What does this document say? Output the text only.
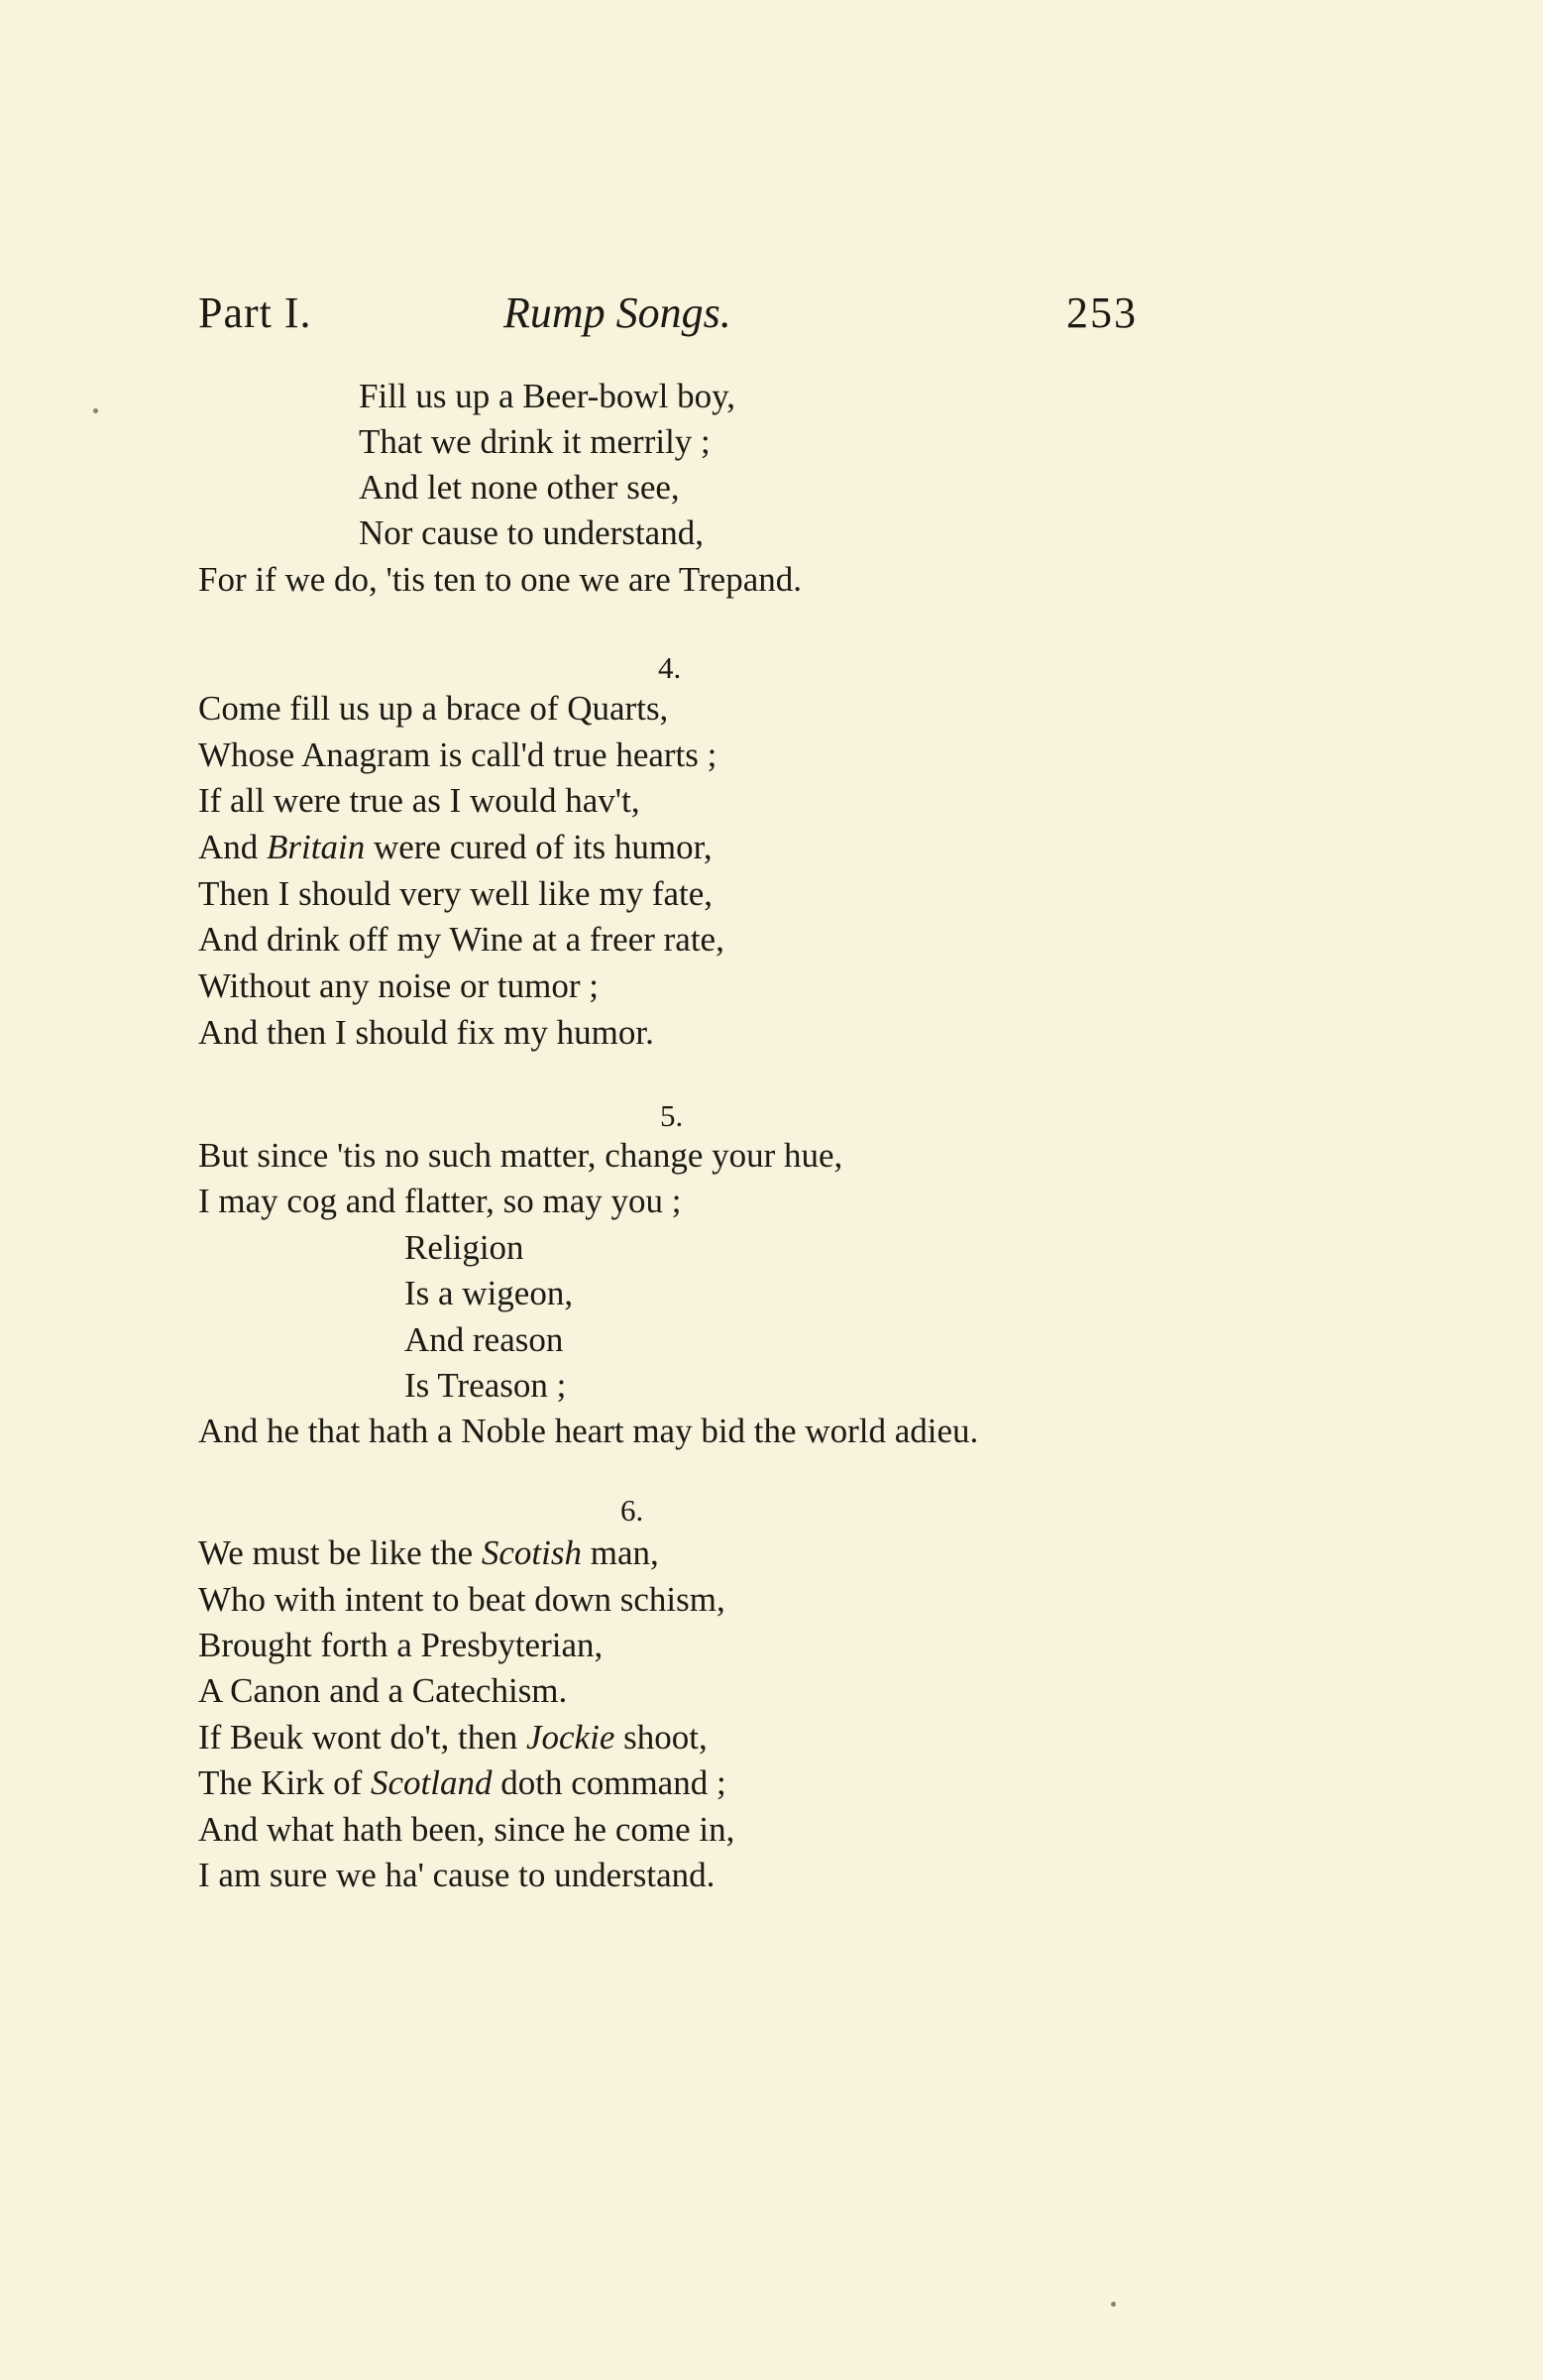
Part I.	Rump Songs.	253
Fill us up a Beer-bowl boy,
That we drink it merrily ;
And let none other see,
Nor cause to understand,
For if we do, 'tis ten to one we are Trepand.
4.
Come fill us up a brace of Quarts,
Whose Anagram is call'd true hearts ;
If all were true as I would hav't,
And Britain were cured of its humor,
Then I should very well like my fate,
And drink off my Wine at a freer rate,
Without any noise or tumor ;
And then I should fix my humor.
5.
But since 'tis no such matter, change your hue,
I may cog and flatter, so may you ;
Religion
Is a wigeon,
And reason
Is Treason ;
And he that hath a Noble heart may bid the world adieu.
6.
We must be like the Scotish man,
Who with intent to beat down schism,
Brought forth a Presbyterian,
A Canon and a Catechism.
If Beuk wont do't, then Jockie shoot,
The Kirk of Scotland doth command ;
And what hath been, since he come in,
I am sure we ha' cause to understand.
